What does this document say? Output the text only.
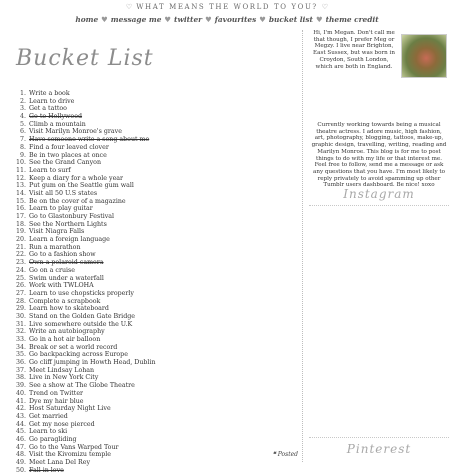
♡ WHAT MEANS THE WORLD TO YOU? ♡
home ♥ message me ♥ twitter ♥ favourites ♥ bucket list ♥ theme credit
Bucket List
1. Write a book
2. Learn to drive
3. Get a tattoo
4. Go to Hollywood
5. Climb a mountain
6. Visit Marilyn Monroe's grave
7. Have someone write a song about me
8. Find a four leaved clover
9. Be in two places at once
10. See the Grand Canyon
11. Learn to surf
12. Keep a diary for a whole year
13. Put gum on the Seattle gum wall
14. Visit all 50 U.S states
15. Be on the cover of a magazine
16. Learn to play guitar
17. Go to Glastonbury Festival
18. See the Northern Lights
19. Visit Niagra Falls
20. Learn a foreign language
21. Run a marathon
22. Go to a fashion show
23. Own a polaroid camera
24. Go on a cruise
25. Swim under a waterfall
26. Work with TWLOHA
27. Learn to use chopsticks properly
28. Complete a scrapbook
29. Learn how to skateboard
30. Stand on the Golden Gate Bridge
31. Live somewhere outside the U.K
32. Write an autobiography
33. Go in a hot air balloon
34. Break or set a world record
35. Go backpacking across Europe
36. Go cliff jumping in Howth Head, Dublin
37. Meet Lindsay Lohan
38. Live in New York City
39. See a show at The Globe Theatre
40. Trend on Twitter
41. Dye my hair blue
42. Host Saturday Night Live
43. Get married
44. Get my nose pierced
45. Learn to ski
46. Go paragliding
47. Go to the Vans Warped Tour
48. Visit the Kivomizu temple
49. Meet Lana Del Rey
50. Fall in love
❝ Posted
Hi, I'm Megan. Don't call me that though, I prefer Meg or Megzy. I live near Brighton, East Sussex, but was born in Croydon, South London, which are both in England.
Currently working towards being a musical theatre actress. I adore music, high fashion, art, photography, blogging, tattoos, make-up, graphic design, travelling, writing, reading and Marilyn Monroe. This blog is for me to post things to do with my life or that interest me. Feel free to follow, send me a message or ask any questions that you have. I'm most likely to reply privately to avoid spamming up other Tumblr users dashboard. Be nice! xoxo
Instagram
Pinterest
